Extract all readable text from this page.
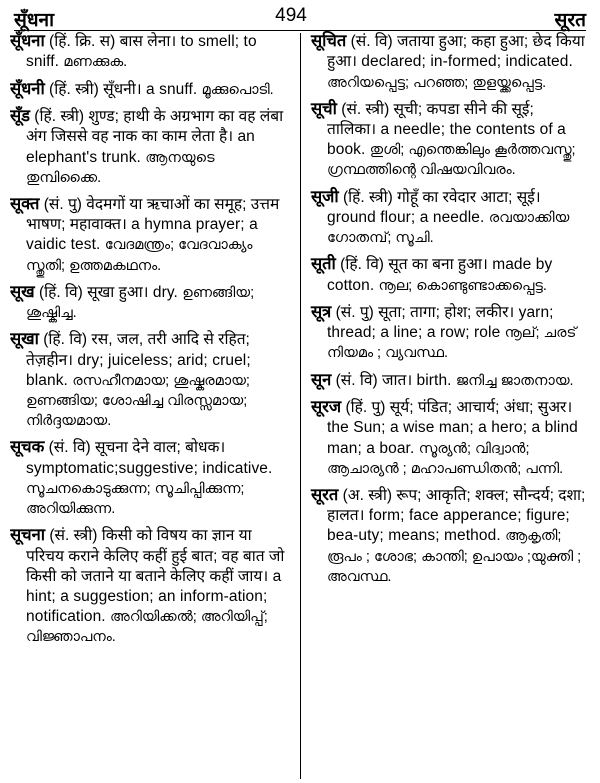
सूँधना	494	सूरत

सूँधना (हिं. क्रि. स) बास लेना। to smell; to sniff. മണക്കുക.

सूँधनी (हिं. स्त्री) सूँधनी। a snuff. മൂക്കുപൊടി.

सूँड (हिं. स्त्री) शुण्ड; हाथी के अग्रभाग का वह लंबा अंग जिससे वह नाक का काम लेता है। an elephant's trunk. ആനയുടെ തുമ്പിക്കൈ.

सूक्त (सं. पु) वेदमगों या ऋचाओं का समूह; उत्तम भाषण; महावाक्त। a hymna prayer; a vaidic test. വേദമന്ത്രം; വേദവാക്യം സ്തുതി; ഉത്തമകഥനം.

सूख (हिं. वि) सूखा हुआ। dry. ഉണങ്ങിയ; ശുഷ്കിച്ച.

सूखा (हिं. वि) रस, जल, तरी आदि से रहित; तेज़हीन। dry; juiceless; arid; cruel; blank. രസഹീനമായ; ശുഷ്കരമായ; ഉണങ്ങിയ; ശോഷിച്ച വിരസ്സമായ; നിർദ്ദയമായ.

सूचक (सं. वि) सूचना देने वाल; बोधक। symptomatic;suggestive; indicative. സൂചനകൊടുക്കുന്ന; സൂചിപ്പിക്കുന്ന; അറിയിക്കുന്ന.

सूचना (सं. स्त्री) किसी को विषय का ज्ञान या परिचय कराने केलिए कहीं हुई बात; वह बात जो किसी को जताने या बताने केलिए कहीं जाय। a hint; a suggestion; an inform-ation; notification. അറിയിക്കൽ; അറിയിപ്പ്; വിജ്ഞാപനം.

सूचित (सं. वि) जताया हुआ; कहा हुआ; छेद किया हुआ। declared; in-formed; indicated. അറിയപ്പെട്ട; പറഞ്ഞ; തുളയ്ക്കപ്പെട്ട.

सूची (सं. स्त्री) सूची; कपडा सीने की सूई; तालिका। a needle; the contents of a book. തുശി; എന്തെങ്കിലും കൂർത്തവസ്തു; ഗ്രന്ഥത്തിന്റെ വിഷയവിവരം.

सूजी (हिं. स्त्री) गोहूँ का रवेदार आटा; सूई। ground flour; a needle. രവയാക്കിയ ഗോതമ്പ്; സൂചി.

सूती (हिं. वि) सूत का बना हुआ। made by cotton. നൂല; കൊണ്ടുണ്ടാക്കപ്പെട്ട.

सूत्र (सं. पु) सूता; तागा; होश; लकीर। yarn; thread; a line; a row; role നൂല്; ചരട് നിയമം ; വ്യവസ്ഥ.

सून (सं. वि) जात। birth. ജനിച്ച ജാതനായ.

सूरज (हिं. पु) सूर्य; पंडित; आचार्य; अंधा; सुअर। the Sun; a wise man; a hero; a blind man; a boar. സൂര്യൻ; വിദ്വാൻ; ആചാര്യൻ ; മഹാപണ്ഡിതൻ; പന്നി.

सूरत (अ. स्त्री) रूप; आकृति; शक्ल; सौन्दर्य; दशा; हालत। form; face apperance; figure; bea-uty; means; method. ആകൃതി; രൂപം ; ശോഭ; കാന്തി; ഉപായം ;യുക്തി ; അവസ്ഥ.
